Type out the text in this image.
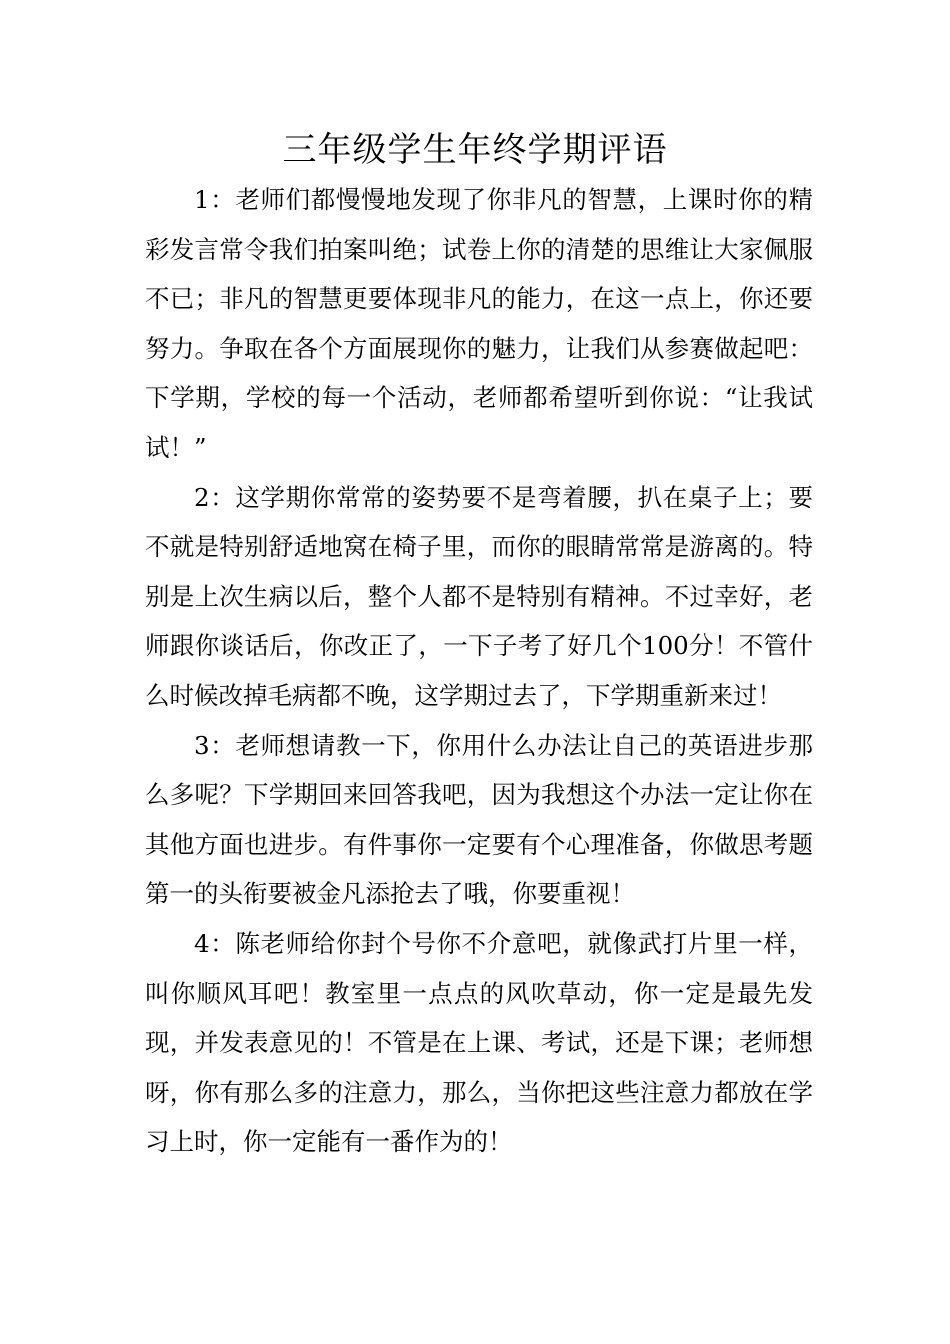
三年级学生年终学期评语

1：老师们都慢慢地发现了你非凡的智慧，上课时你的精彩发言常令我们拍案叫绝；试卷上你的清楚的思维让大家佩服不已；非凡的智慧更要体现非凡的能力，在这一点上，你还要努力。争取在各个方面展现你的魅力，让我们从参赛做起吧：下学期，学校的每一个活动，老师都希望听到你说：“让我试试！”

2：这学期你常常的姿势要不是弯着腰，扒在桌子上；要不就是特别舒适地窝在椅子里，而你的眼睛常常是游离的。特别是上次生病以后，整个人都不是特别有精神。不过幸好，老师跟你谈话后，你改正了，一下子考了好几个100分！不管什么时候改掉毛病都不晚，这学期过去了，下学期重新来过！

3：老师想请教一下，你用什么办法让自己的英语进步那么多呢？下学期回来回答我吧，因为我想这个办法一定让你在其他方面也进步。有件事你一定要有个心理准备，你做思考题第一的头衔要被金凡添抢去了哦，你要重视！

4：陈老师给你封个号你不介意吧，就像武打片里一样，叫你顺风耳吧！教室里一点点的风吹草动，你一定是最先发现，并发表意见的！不管是在上课、考试，还是下课；老师想呀，你有那么多的注意力，那么，当你把这些注意力都放在学习上时，你一定能有一番作为的！
